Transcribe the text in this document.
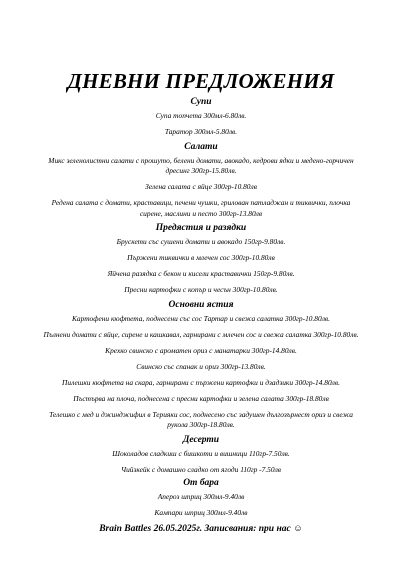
ДНЕВНИ ПРЕДЛОЖЕНИЯ
Супи
Супа топчета 300мл-6.80лв.
Таратор 300мл-5.80лв.
Салати
Микс зеленолистни салати с прошуто, белени домати, авокадо, кедрови ядки и медено-горчичен дресинг 300гр-15.80лв.
Зелена салата с яйце 300гр-10.80лв
Редена салата с домати, краставици, печени чушки, грилован патладжан и тиквички, плочка сирене, маслини и песто 300гр-13.80лв
Предястия и разядки
Брускети със сушени домати и авокадо 150гр-9.80лв.
Пържени тиквички в млечен сос 300гр-10.80лв
Яйчена разядка с бекон и кисели краставички 150гр-9.80лв.
Пресни картофки с копър и чесън 300гр-10.80лв.
Основни ястия
Картофени кюфтета, поднесени със сос Тартар и свежа салатка 300гр-10.80лв.
Пълнени домати с яйце, сирене и кашкавал, гарнирани с млечен сос и свежа салатка 300гр-10.80лв.
Крехко свинско с ароматен ориз с манатарки 300гр-14.80лв.
Свинско със спанак и ориз 300гр-13.80лв.
Пилешки кюфтета на скара, гарнирани с пържени картофки и дзадзики 300гр-14.80лв.
Пъстърва на плоча, поднесена с пресни картофки и зелена салата 300гр-18.80лв
Телешко с мед и джинджифил в Терияки сос, поднесено със задушен дългозърнест ориз и свежа рукола 300гр-18.80лв.
Десерти
Шоколадов сладкиш с бишкоти и вишници 110гр-7.50лв.
Чийзкейк с домашно сладко от ягоди 110гр -7.50лв
От бара
Апероз шприц 300мл-9.40лв
Кампари шприц 300мл-9.40лв
Brain Battles 26.05.2025г. Записвания: при нас ☺
